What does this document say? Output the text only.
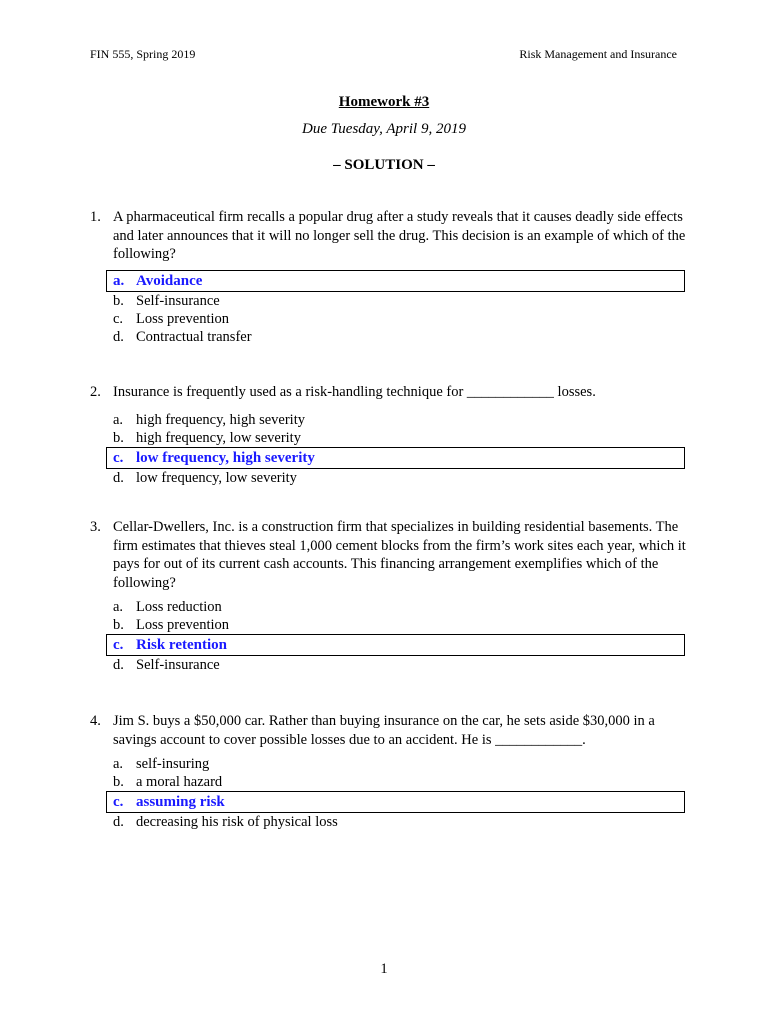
FIN 555, Spring 2019	Risk Management and Insurance
Homework #3
Due Tuesday, April 9, 2019
– SOLUTION –
1. A pharmaceutical firm recalls a popular drug after a study reveals that it causes deadly side effects and later announces that it will no longer sell the drug. This decision is an example of which of the following?
a. Avoidance
b. Self-insurance
c. Loss prevention
d. Contractual transfer
2. Insurance is frequently used as a risk-handling technique for ____________ losses.
a. high frequency, high severity
b. high frequency, low severity
c. low frequency, high severity
d. low frequency, low severity
3. Cellar-Dwellers, Inc. is a construction firm that specializes in building residential basements. The firm estimates that thieves steal 1,000 cement blocks from the firm’s work sites each year, which it pays for out of its current cash accounts. This financing arrangement exemplifies which of the following?
a. Loss reduction
b. Loss prevention
c. Risk retention
d. Self-insurance
4. Jim S. buys a $50,000 car. Rather than buying insurance on the car, he sets aside $30,000 in a savings account to cover possible losses due to an accident. He is ____________.
a. self-insuring
b. a moral hazard
c. assuming risk
d. decreasing his risk of physical loss
1
